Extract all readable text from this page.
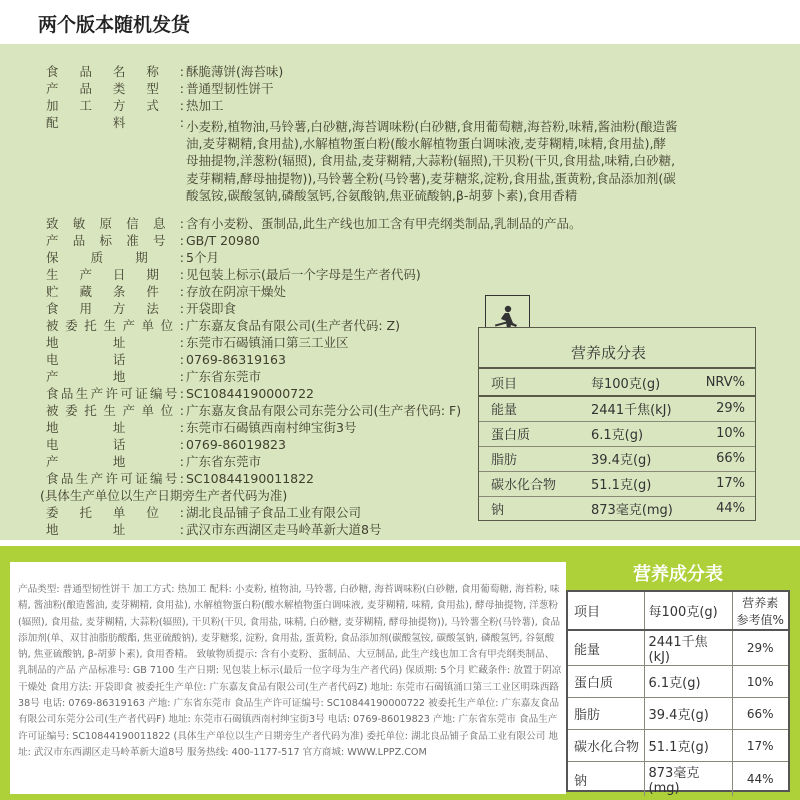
两个版本随机发货
食品名称: 酥脆薄饼(海苔味)
产品类型: 普通型韧性饼干
加工方式: 热加工
配料: 小麦粉,植物油,马铃薯,白砂糖,海苔调味粉(白砂糖,食用葡萄糖,海苔粉,味精,酱油粉(酿造酱油,麦芽糊精,食用盐),水解植物蛋白粉(酸水解植物蛋白调味液,麦芽糊精,味精,食用盐),酵母抽提物,洋葱粉(辐照), 食用盐,麦芽糊精,大蒜粉(辐照),干贝粉(干贝,食用盐,味精,白砂糖,麦芽糊精,酵母抽提物)),马铃薯全粉(马铃薯),麦芽糖浆,淀粉,食用盐,蛋黄粉,食品添加剂(碳酸氢铵,碳酸氢钠,磷酸氢钙,谷氨酸钠,焦亚硫酸钠,β-胡萝卜素),食用香精
致敏原信息: 含有小麦粉、蛋制品,此生产线也加工含有甲壳纲类制品,乳制品的产品。
产品标准号: GB/T 20980
保质期: 5个月
生产日期: 见包装上标示(最后一个字母是生产者代码)
贮藏条件: 存放在阴凉干燥处
食用方法: 开袋即食
被委托生产单位: 广东嘉友食品有限公司(生产者代码: Z)
地址: 东莞市石碣镇涌口第三工业区
电话: 0769-86319163
产地: 广东省东莞市
食品生产许可证编号: SC10844190000722
被委托生产单位: 广东嘉友食品有限公司东莞分公司(生产者代码: F)
地址: 东莞市石碣镇西南村绅宝街3号
电话: 0769-86019823
产地: 广东省东莞市
食品生产许可证编号: SC10844190011822
(具体生产单位以生产日期旁生产者代码为准)
委托单位: 湖北良品铺子食品工业有限公司
地址: 武汉市东西湖区走马岭革新大道8号
营养成分表
项目	每100克(g)	NRV%
能量	2441千焦(kJ)	29%
蛋白质	6.1克(g)	10%
脂肪	39.4克(g)	66%
碳水化合物	51.1克(g)	17%
钠	873毫克(mg)	44%
食品名称: 酥脆薄饼(海苔味)
产品类型: 普通型韧性饼干 加工方式: 热加工 配料: 小麦粉, 植物油, 马铃薯, 白砂糖, 海苔调味粉(白砂糖, 食用葡萄糖, 海苔粉, 味精, 酱油粉(酿造酱油, 麦芽糊精, 食用盐), 水解植物蛋白粉(酸水解植物蛋白调味液, 麦芽糊精, 味精, 食用盐), 酵母抽提物, 洋葱粉(辐照), 食用盐, 麦芽糊精, 大蒜粉(辐照), 干贝粉(干贝, 食用盐, 味精, 白砂糖, 麦芽糊精, 酵母抽提物)), 马铃薯全粉(马铃薯), 食品添加剂(单、双甘油脂肪酸酯, 焦亚硫酸钠), 麦芽糖浆, 淀粉, 食用盐, 蛋黄粉, 食品添加剂(碳酸氢铵, 碳酸氢钠, 磷酸氢钙, 谷氨酸钠, 焦亚硫酸钠, β-胡萝卜素), 食用香精。 致敏物质提示: 含有小麦粉、蛋制品、大豆制品, 此生产线也加工含有甲壳纲类制品、乳制品的产品 产品标准号: GB 7100 生产日期: 见包装上标示(最后一位字母为生产者代码) 保质期: 5个月 贮藏条件: 放置于阴凉干燥处 食用方法: 开袋即食 被委托生产单位: 广东嘉友食品有限公司(生产者代码Z) 地址: 东莞市石碣镇涌口第三工业区明珠西路38号 电话: 0769-86319163 产地: 广东省东莞市 食品生产许可证编号: SC10844190000722 被委托生产单位: 广东嘉友食品有限公司东莞分公司(生产者代码F) 地址: 东莞市石碣镇西南村绅宝街3号 电话: 0769-86019823 产地: 广东省东莞市 食品生产许可证编号: SC10844190011822 (具体生产单位以生产日期旁生产者代码为准) 委托单位: 湖北良品铺子食品工业有限公司 地址: 武汉市东西湖区走马岭革新大道8号 服务热线: 400-1177-517 官方商城: WWW.LPPZ.COM
营养成分表
项目	每100克(g)	营养素参考值%
能量	2441千焦(kJ)	29%
蛋白质	6.1克(g)	10%
脂肪	39.4克(g)	66%
碳水化合物	51.1克(g)	17%
钠	873毫克(mg)	44%
